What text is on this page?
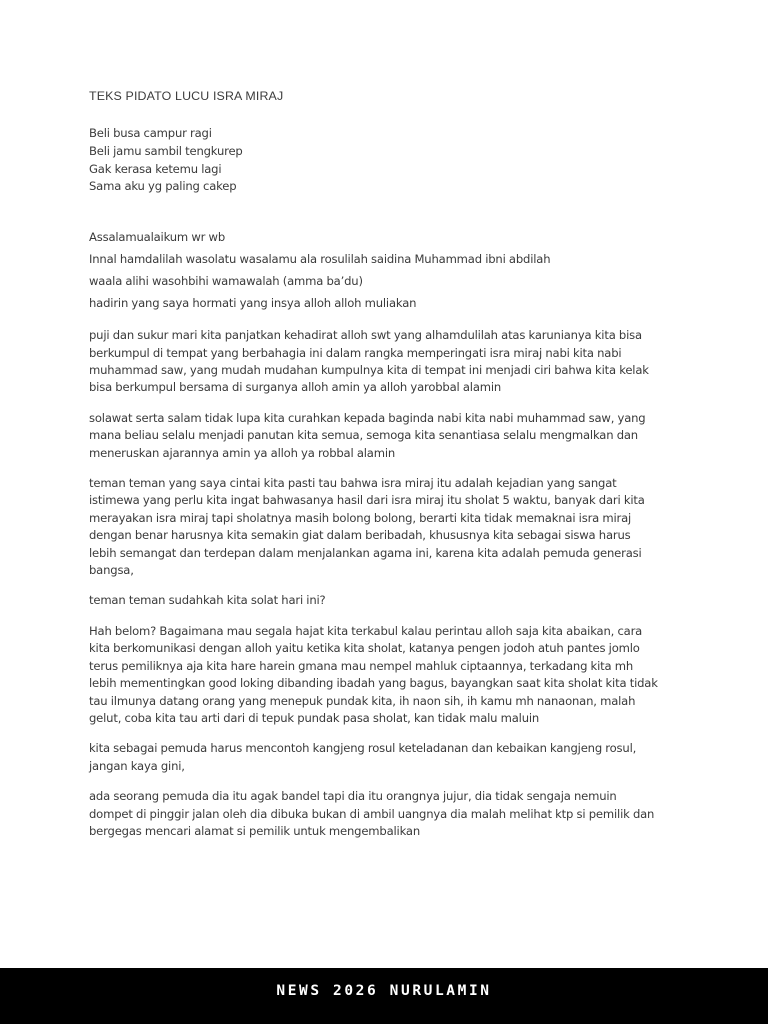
TEKS PIDATO LUCU ISRA MIRAJ

Beli busa campur ragi

Beli jamu sambil tengkurep

Gak kerasa ketemu lagi

Sama aku yg paling cakep

Assalamualaikum wr wb

Innal hamdalilah wasolatu wasalamu ala rosulilah saidina Muhammad ibni abdilah

waala alihi wasohbihi wamawalah (amma ba’du)

hadirin yang saya hormati yang insya alloh alloh muliakan

puji dan sukur mari kita panjatkan kehadirat alloh swt yang alhamdulilah atas karunianya kita bisa berkumpul di tempat yang berbahagia ini dalam rangka memperingati isra miraj nabi kita nabi muhammad saw, yang mudah mudahan kumpulnya kita di tempat ini menjadi ciri bahwa kita kelak bisa berkumpul bersama di surganya alloh amin ya alloh yarobbal alamin

solawat serta salam tidak lupa kita curahkan kepada baginda nabi kita nabi muhammad saw, yang mana beliau selalu menjadi panutan kita semua, semoga kita senantiasa selalu mengmalkan dan meneruskan ajarannya amin ya alloh ya robbal alamin

teman teman yang saya cintai kita pasti tau bahwa isra miraj itu adalah kejadian yang sangat istimewa yang perlu kita ingat bahwasanya hasil dari isra miraj itu sholat 5 waktu, banyak dari kita merayakan isra miraj tapi sholatnya masih bolong bolong, berarti kita tidak memaknai isra miraj dengan benar harusnya kita semakin giat dalam beribadah, khususnya kita sebagai siswa harus lebih semangat dan terdepan dalam menjalankan agama ini, karena kita adalah pemuda generasi bangsa,

teman teman sudahkah kita solat hari ini?

Hah belom? Bagaimana mau segala hajat kita terkabul kalau perintau alloh saja kita abaikan, cara kita berkomunikasi dengan alloh yaitu ketika kita sholat, katanya pengen jodoh atuh pantes jomlo terus pemiliknya aja kita hare harein gmana mau nempel mahluk ciptaannya, terkadang kita mh lebih mementingkan good loking dibanding ibadah yang bagus, bayangkan saat kita sholat kita tidak tau ilmunya datang orang yang menepuk pundak kita, ih naon sih, ih kamu mh nanaonan, malah gelut, coba kita tau arti dari di tepuk pundak pasa sholat, kan tidak malu maluin

kita sebagai pemuda harus mencontoh kangjeng rosul keteladanan dan kebaikan kangjeng rosul, jangan kaya gini,

ada seorang pemuda dia itu agak bandel tapi dia itu orangnya jujur, dia tidak sengaja nemuin dompet di pinggir jalan oleh dia dibuka bukan di ambil uangnya dia malah melihat ktp si pemilik dan bergegas mencari alamat si pemilik untuk mengembalikan

NEWS 2026 NURULAMIN
